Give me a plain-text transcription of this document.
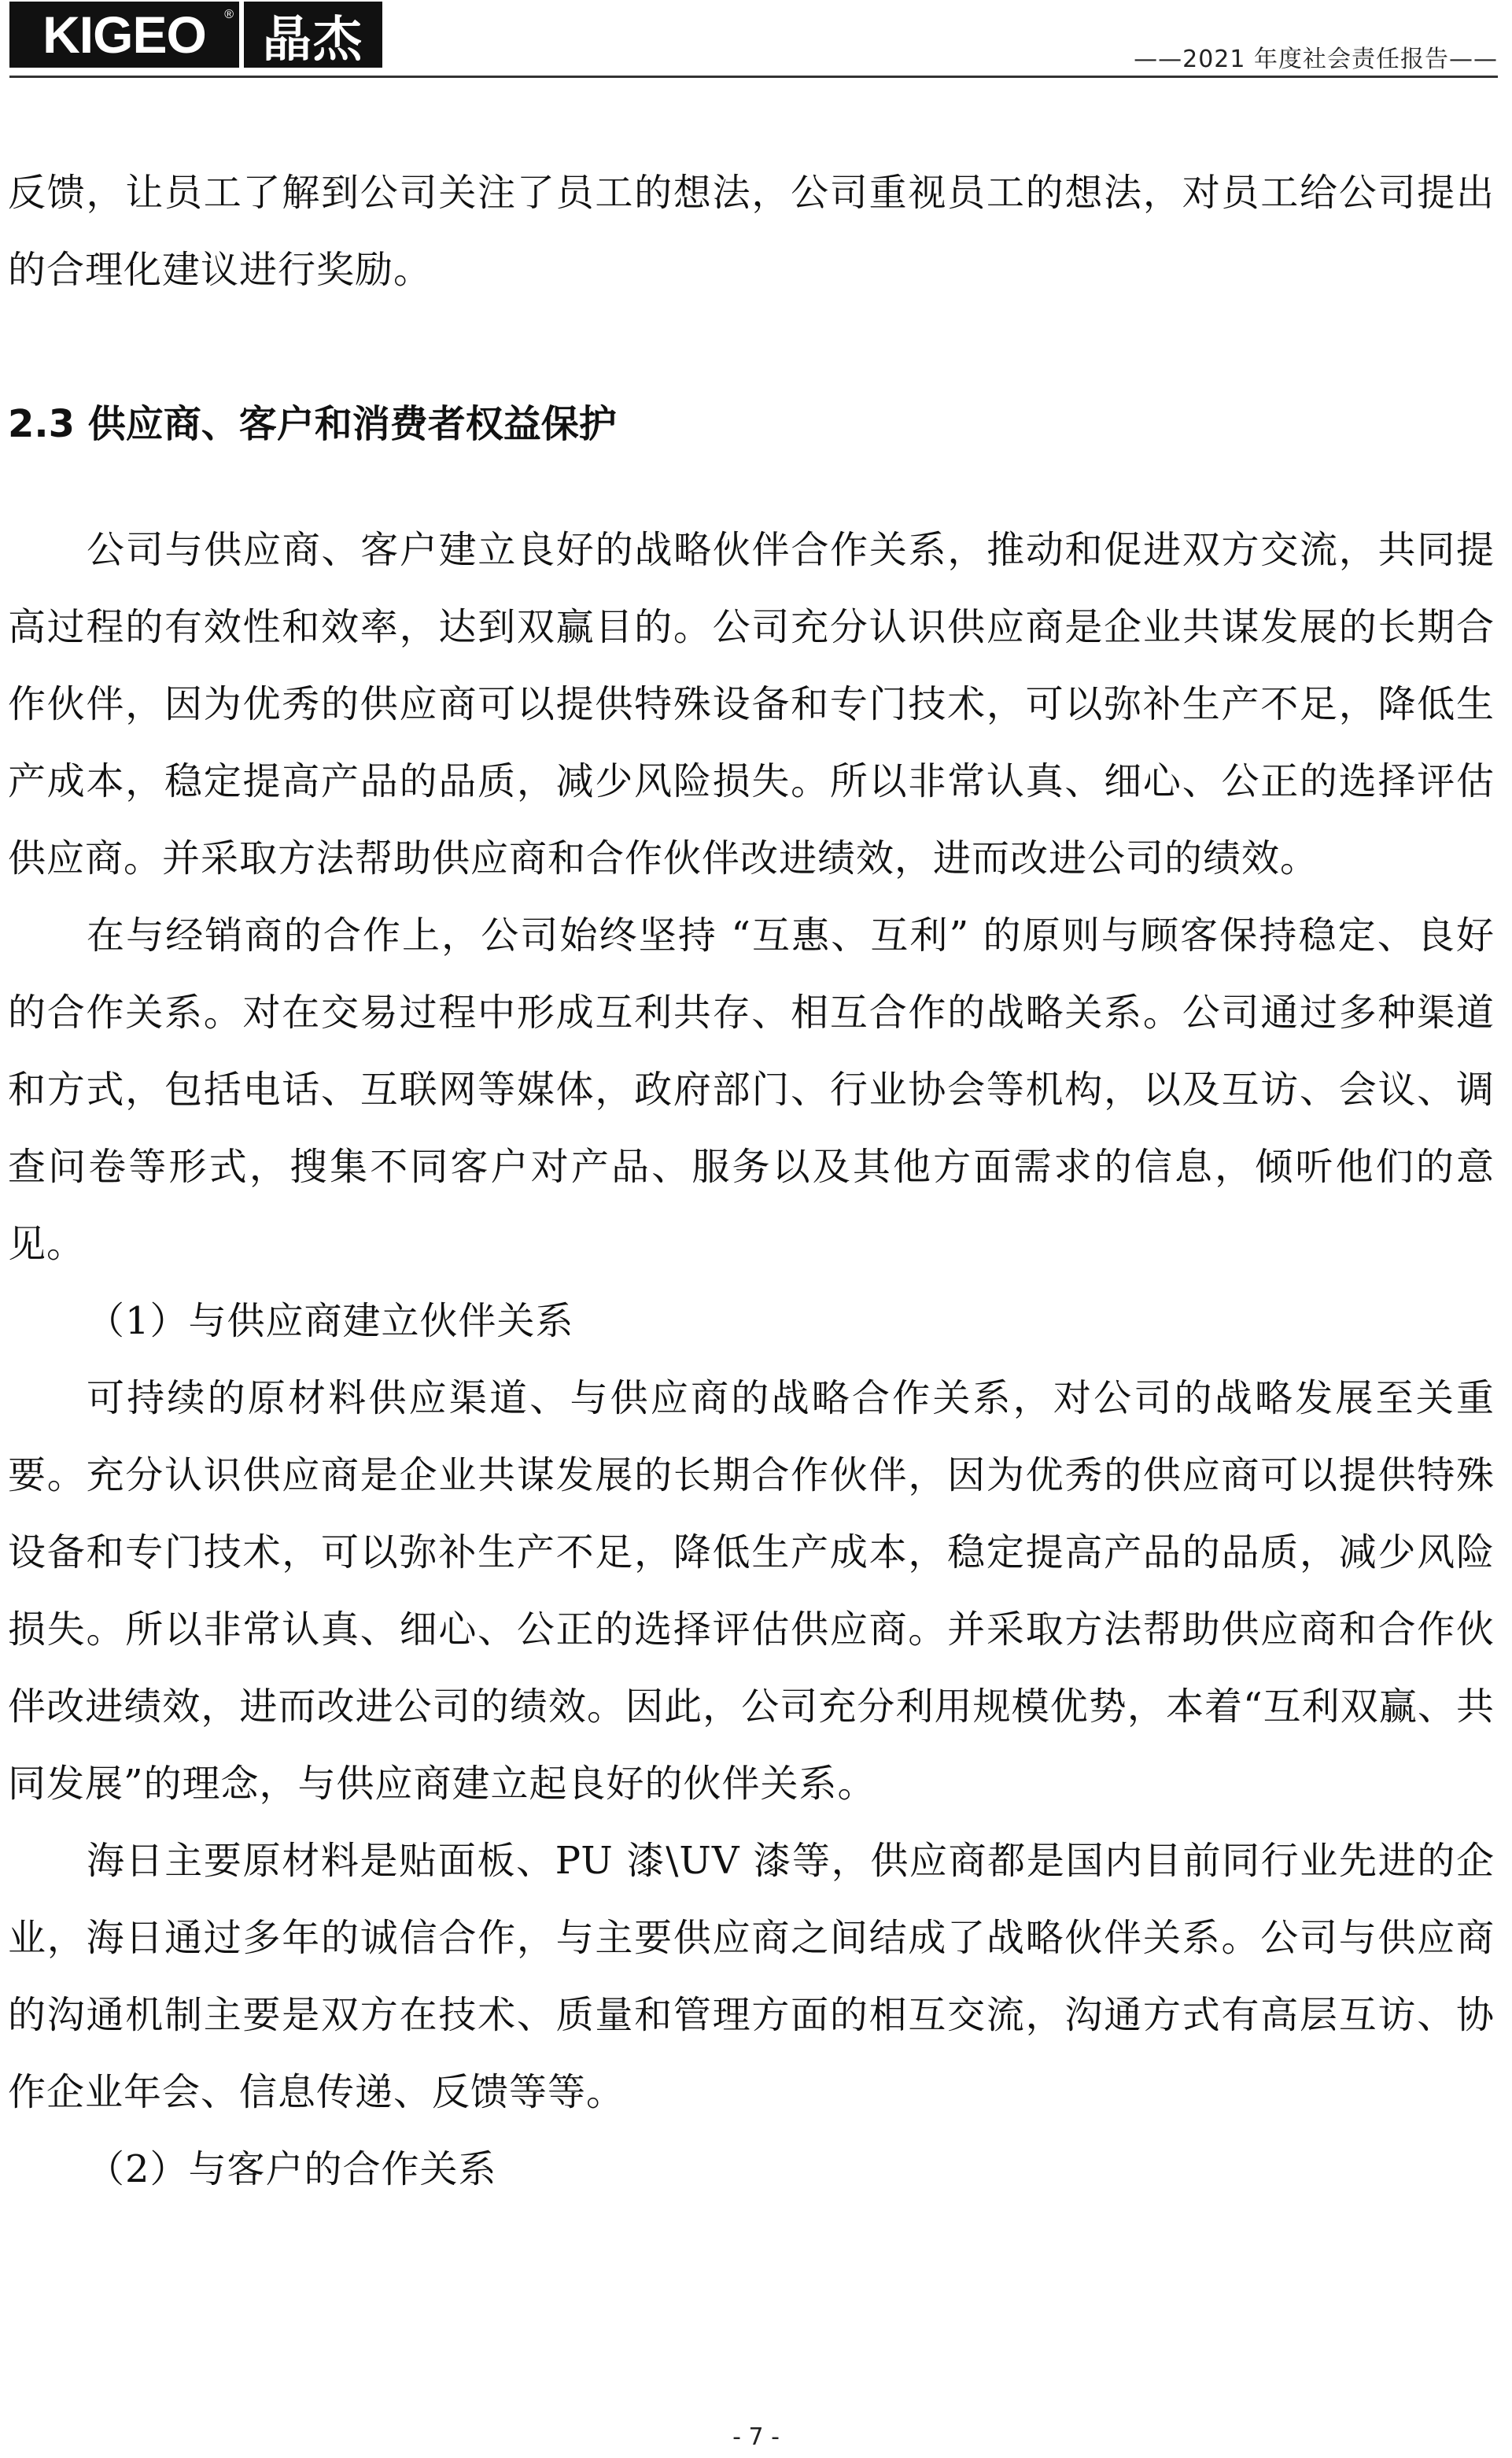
KIGEO ® 晶杰	——2021 年度社会责任报告——

反馈，让员工了解到公司关注了员工的想法，公司重视员工的想法，对员工给公司提出的合理化建议进行奖励。

2.3 供应商、客户和消费者权益保护

公司与供应商、客户建立良好的战略伙伴合作关系，推动和促进双方交流，共同提高过程的有效性和效率，达到双赢目的。公司充分认识供应商是企业共谋发展的长期合作伙伴，因为优秀的供应商可以提供特殊设备和专门技术，可以弥补生产不足，降低生产成本，稳定提高产品的品质，减少风险损失。所以非常认真、细心、公正的选择评估供应商。并采取方法帮助供应商和合作伙伴改进绩效，进而改进公司的绩效。

在与经销商的合作上，公司始终坚持 “互惠、互利” 的原则与顾客保持稳定、良好的合作关系。对在交易过程中形成互利共存、相互合作的战略关系。公司通过多种渠道和方式，包括电话、互联网等媒体，政府部门、行业协会等机构，以及互访、会议、调查问卷等形式，搜集不同客户对产品、服务以及其他方面需求的信息，倾听他们的意见。

（1）与供应商建立伙伴关系

可持续的原材料供应渠道、与供应商的战略合作关系，对公司的战略发展至关重要。充分认识供应商是企业共谋发展的长期合作伙伴，因为优秀的供应商可以提供特殊设备和专门技术，可以弥补生产不足，降低生产成本，稳定提高产品的品质，减少风险损失。所以非常认真、细心、公正的选择评估供应商。并采取方法帮助供应商和合作伙伴改进绩效，进而改进公司的绩效。因此，公司充分利用规模优势，本着“互利双赢、共同发展”的理念，与供应商建立起良好的伙伴关系。

海日主要原材料是贴面板、PU 漆\UV 漆等，供应商都是国内目前同行业先进的企业，海日通过多年的诚信合作，与主要供应商之间结成了战略伙伴关系。公司与供应商的沟通机制主要是双方在技术、质量和管理方面的相互交流，沟通方式有高层互访、协作企业年会、信息传递、反馈等等。

（2）与客户的合作关系

- 7 -
